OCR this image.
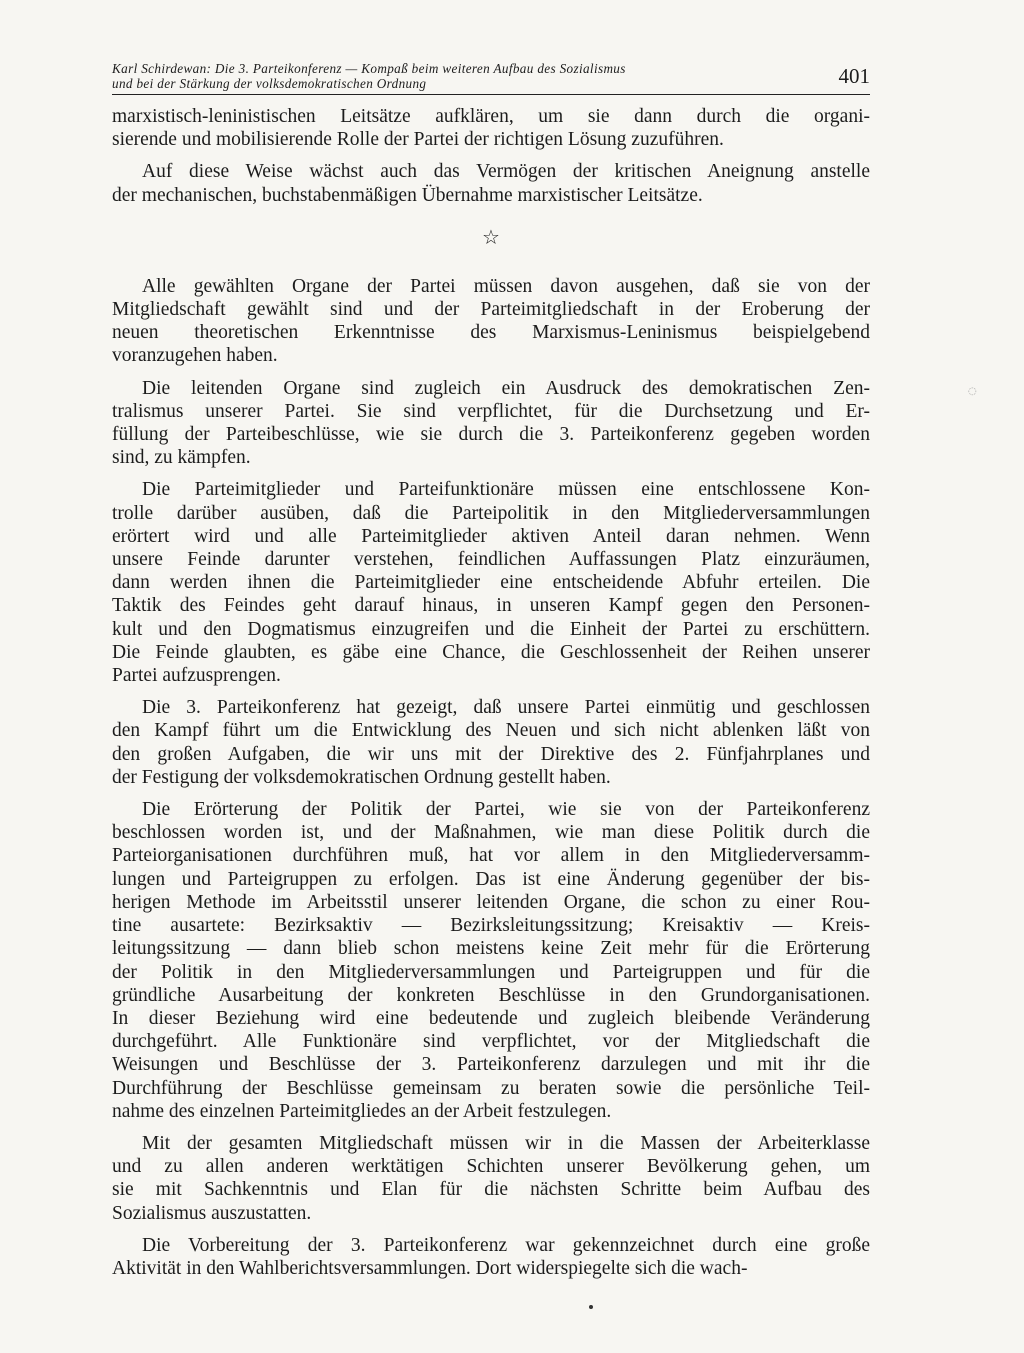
Karl Schirdewan: Die 3. Parteikonferenz — Kompaß beim weiteren Aufbau des Sozialismus
und bei der Stärkung der volksdemokratischen Ordnung	401
marxistisch-leninistischen Leitsätze aufklären, um sie dann durch die organi-
sierende und mobilisierende Rolle der Partei der richtigen Lösung zuzuführen.
Auf diese Weise wächst auch das Vermögen der kritischen Aneignung anstelle
der mechanischen, buchstabenmäßigen Übernahme marxistischer Leitsätze.
☆
Alle gewählten Organe der Partei müssen davon ausgehen, daß sie von der
Mitgliedschaft gewählt sind und der Parteimitgliedschaft in der Eroberung der
neuen theoretischen Erkenntnisse des Marxismus-Leninismus beispielgebend
voranzugehen haben.
Die leitenden Organe sind zugleich ein Ausdruck des demokratischen Zen-
tralismus unserer Partei. Sie sind verpflichtet, für die Durchsetzung und Er-
füllung der Parteibeschlüsse, wie sie durch die 3. Parteikonferenz gegeben worden
sind, zu kämpfen.
Die Parteimitglieder und Parteifunktionäre müssen eine entschlossene Kon-
trolle darüber ausüben, daß die Parteipolitik in den Mitgliederversammlungen
erörtert wird und alle Parteimitglieder aktiven Anteil daran nehmen. Wenn
unsere Feinde darunter verstehen, feindlichen Auffassungen Platz einzuräumen,
dann werden ihnen die Parteimitglieder eine entscheidende Abfuhr erteilen. Die
Taktik des Feindes geht darauf hinaus, in unseren Kampf gegen den Personen-
kult und den Dogmatismus einzugreifen und die Einheit der Partei zu erschüttern.
Die Feinde glaubten, es gäbe eine Chance, die Geschlossenheit der Reihen unserer
Partei aufzusprengen.
Die 3. Parteikonferenz hat gezeigt, daß unsere Partei einmütig und geschlossen
den Kampf führt um die Entwicklung des Neuen und sich nicht ablenken läßt von
den großen Aufgaben, die wir uns mit der Direktive des 2. Fünfjahrplanes und
der Festigung der volksdemokratischen Ordnung gestellt haben.
Die Erörterung der Politik der Partei, wie sie von der Parteikonferenz
beschlossen worden ist, und der Maßnahmen, wie man diese Politik durch die
Parteiorganisationen durchführen muß, hat vor allem in den Mitgliederversamm-
lungen und Parteigruppen zu erfolgen. Das ist eine Änderung gegenüber der bis-
herigen Methode im Arbeitsstil unserer leitenden Organe, die schon zu einer Rou-
tine ausartete: Bezirksaktiv — Bezirksleitungssitzung; Kreisaktiv — Kreis-
leitungssitzung — dann blieb schon meistens keine Zeit mehr für die Erörterung
der Politik in den Mitgliederversammlungen und Parteigruppen und für die
gründliche Ausarbeitung der konkreten Beschlüsse in den Grundorganisationen.
In dieser Beziehung wird eine bedeutende und zugleich bleibende Veränderung
durchgeführt. Alle Funktionäre sind verpflichtet, vor der Mitgliedschaft die
Weisungen und Beschlüsse der 3. Parteikonferenz darzulegen und mit ihr die
Durchführung der Beschlüsse gemeinsam zu beraten sowie die persönliche Teil-
nahme des einzelnen Parteimitgliedes an der Arbeit festzulegen.
Mit der gesamten Mitgliedschaft müssen wir in die Massen der Arbeiterklasse
und zu allen anderen werktätigen Schichten unserer Bevölkerung gehen, um
sie mit Sachkenntnis und Elan für die nächsten Schritte beim Aufbau des
Sozialismus auszustatten.
Die Vorbereitung der 3. Parteikonferenz war gekennzeichnet durch eine große
Aktivität in den Wahlberichtsversammlungen. Dort widerspiegelte sich die wach-
◌
